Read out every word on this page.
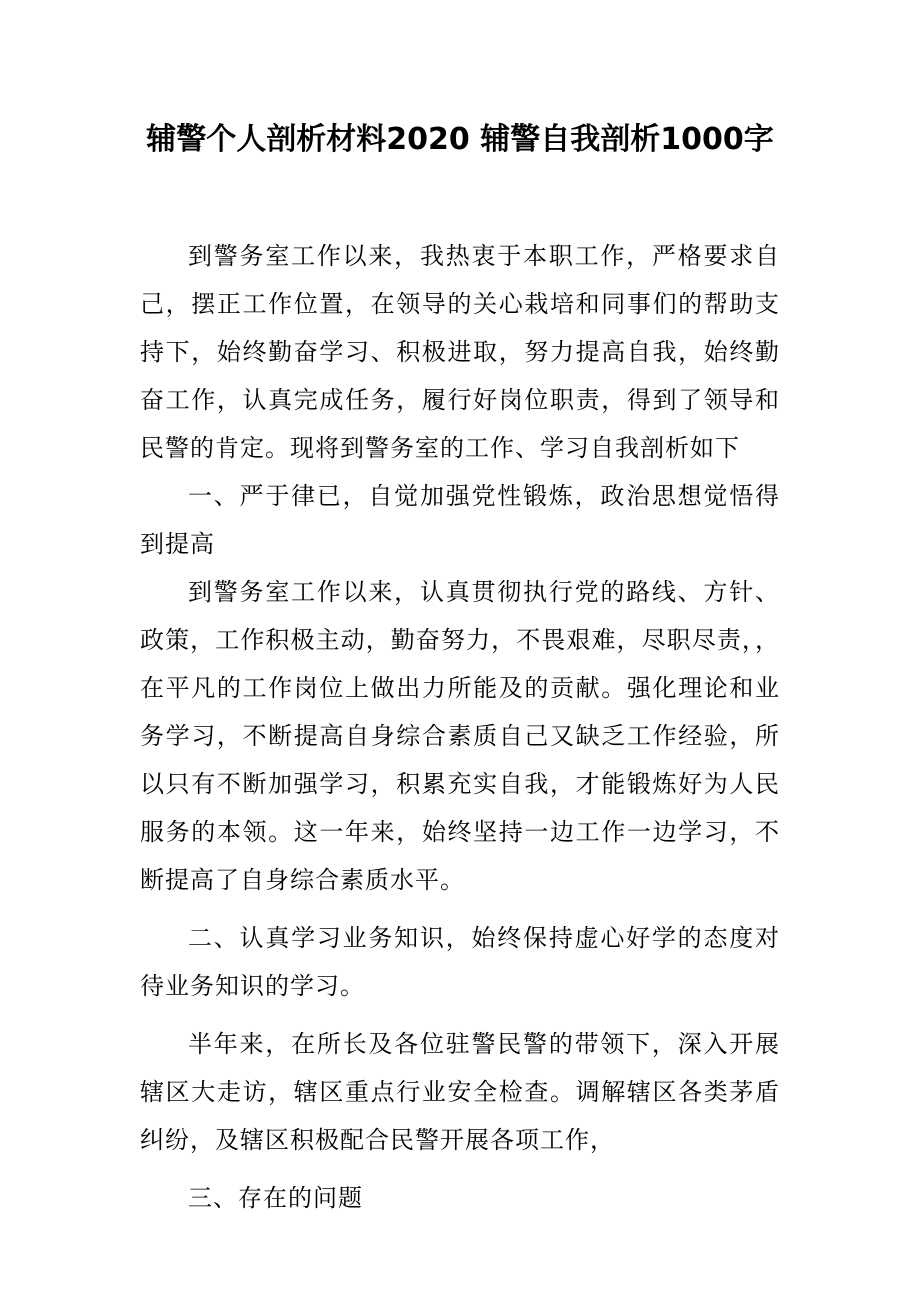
辅警个人剖析材料2020 辅警自我剖析1000字

到警务室工作以来，我热衷于本职工作，严格要求自己，摆正工作位置，在领导的关心栽培和同事们的帮助支持下，始终勤奋学习、积极进取，努力提高自我，始终勤奋工作，认真完成任务，履行好岗位职责，得到了领导和民警的肯定。现将到警务室的工作、学习自我剖析如下

一、严于律已，自觉加强党性锻炼，政治思想觉悟得到提高

到警务室工作以来，认真贯彻执行党的路线、方针、政策，工作积极主动，勤奋努力，不畏艰难，尽职尽责，，在平凡的工作岗位上做出力所能及的贡献。强化理论和业务学习，不断提高自身综合素质自己又缺乏工作经验，所以只有不断加强学习，积累充实自我，才能锻炼好为人民服务的本领。这一年来，始终坚持一边工作一边学习，不断提高了自身综合素质水平。

二、认真学习业务知识，始终保持虚心好学的态度对待业务知识的学习。

半年来，在所长及各位驻警民警的带领下，深入开展辖区大走访，辖区重点行业安全检查。调解辖区各类茅盾纠纷，及辖区积极配合民警开展各项工作，

三、存在的问题
